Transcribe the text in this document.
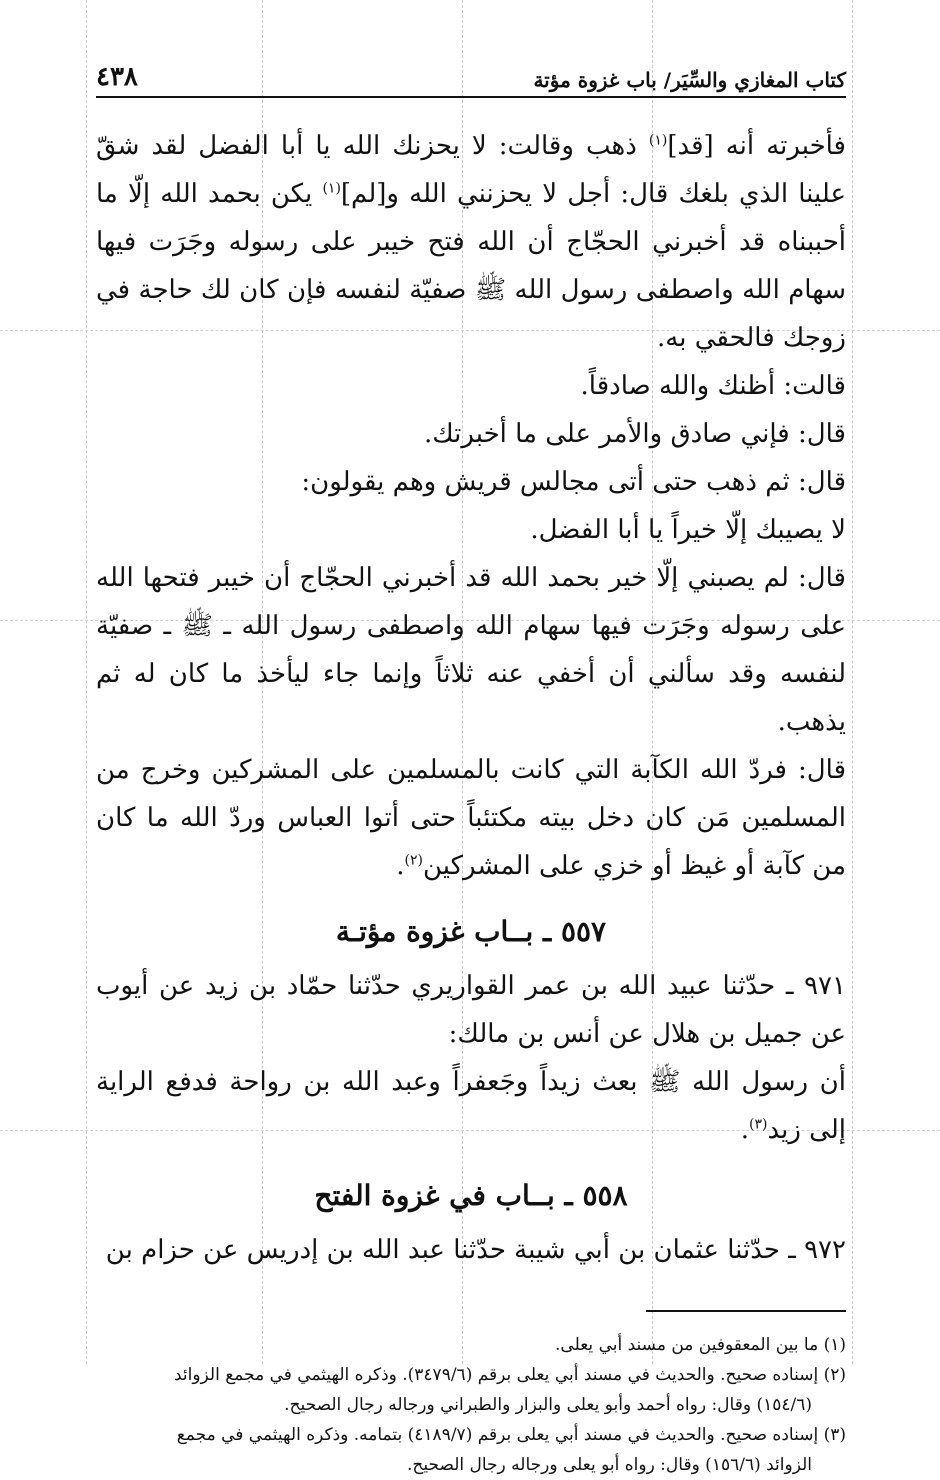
كتاب المغازي والسِّيَر/ باب غزوة مؤتة
٤٣٨

فأخبرته أنه [قد]$^{(١)}$ ذهب وقالت: لا يحزنك الله يا أبا الفضل لقد شقّ علينا الذي بلغك قال: أجل لا يحزنني الله و[لم]$^{(١)}$ يكن بحمد الله إلّا ما أحببناه قد أخبرني الحجّاج أن الله فتح خيبر على رسوله وجَرَت فيها سهام الله واصطفى رسول الله ﷺ صفيّة لنفسه فإن كان لك حاجة في زوجك فالحقي به.

قالت: أظنك والله صادقاً.

قال: فإني صادق والأمر على ما أخبرتك.

قال: ثم ذهب حتى أتى مجالس قريش وهم يقولون:

لا يصيبك إلّا خيراً يا أبا الفضل.

قال: لم يصبني إلّا خير بحمد الله قد أخبرني الحجّاج أن خيبر فتحها الله على رسوله وجَرَت فيها سهام الله واصطفى رسول الله ـ ﷺ ـ صفيّة لنفسه وقد سألني أن أخفي عنه ثلاثاً وإنما جاء ليأخذ ما كان له ثم يذهب.

قال: فردّ الله الكآبة التي كانت بالمسلمين على المشركين وخرج من المسلمين مَن كان دخل بيته مكتئباً حتى أتوا العباس وردّ الله ما كان من كآبة أو غيظ أو خزي على المشركين$^{(٢)}$.

٥٥٧ ـ بــاب غزوة مؤتـة

٩٧١ ـ حدّثنا عبيد الله بن عمر القواريري حدّثنا حمّاد بن زيد عن أيوب عن جميل بن هلال عن أنس بن مالك:

أن رسول الله ﷺ بعث زيداً وجَعفراً وعبد الله بن رواحة فدفع الراية إلى زيد$^{(٣)}$.

٥٥٨ ـ بــاب في غزوة الفتح

٩٧٢ ـ حدّثنا عثمان بن أبي شيبة حدّثنا عبد الله بن إدريس عن حزام بن

(١) ما بين المعقوفين من مسند أبي يعلى.

(٢) إسناده صحيح. والحديث في مسند أبي يعلى برقم (٣٤٧٩/٦). وذكره الهيثمي في مجمع الزوائد

(١٥٤/٦) وقال: رواه أحمد وأبو يعلى والبزار والطبراني ورجاله رجال الصحيح.

(٣) إسناده صحيح. والحديث في مسند أبي يعلى برقم (٤١٨٩/٧) بتمامه. وذكره الهيثمي في مجمع

الزوائد (١٥٦/٦) وقال: رواه أبو يعلى ورجاله رجال الصحيح.
